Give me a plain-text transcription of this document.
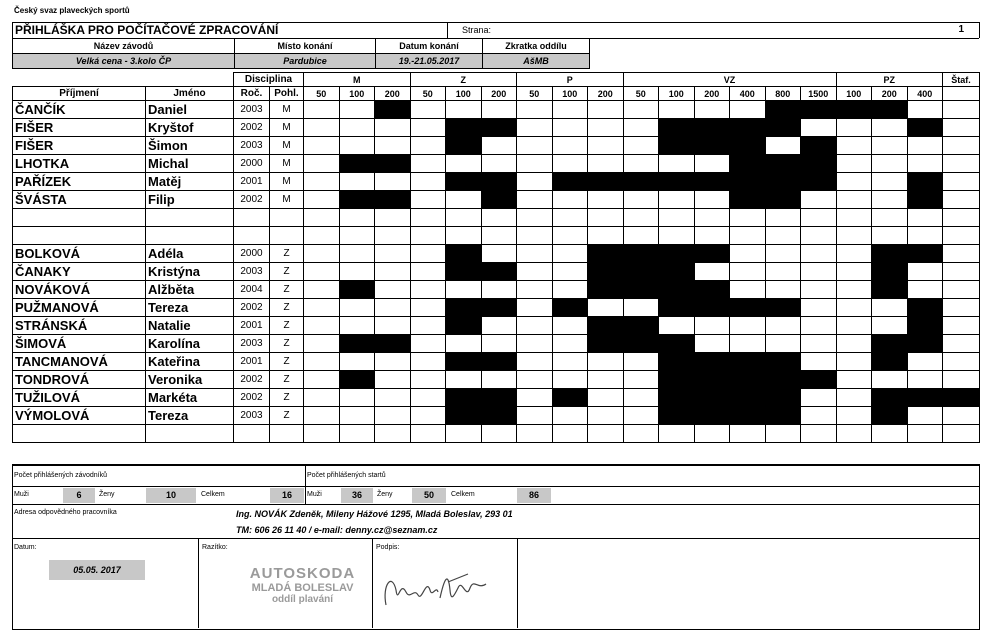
Český svaz plaveckých sportů
PŘIHLÁŠKA PRO POČÍTAČOVÉ ZPRACOVÁNÍ	Strana:	1
Název závodů	Místo konání	Datum konání	Zkratka oddílu	
Velká cena - 3.kolo ČP	Pardubice	19.-21.05.2017	AšMB	
		Disciplina		M			Z			P			VZ						PZ			Štaf.
Příjmení	Jméno	Roč.	Pohl.	50	100	200	50	100	200	50	100	200	50	100	200	400	800	1500	100	200	400	
ČANČÍK	Daniel	2003	M																			
FIŠER	Kryštof	2002	M																			
FIŠER	Šimon	2003	M																			
LHOTKA	Michal	2000	M																			
PAŘÍZEK	Matěj	2001	M																			
ŠVÁSTA	Filip	2002	M																			

BOLKOVÁ	Adéla	2000	Z																			
ČANAKY	Kristýna	2003	Z																			
NOVÁKOVÁ	Alžběta	2004	Z																			
PUŽMANOVÁ	Tereza	2002	Z																			
STRÁNSKÁ	Natalie	2001	Z																			
ŠIMOVÁ	Karolína	2003	Z																			
TANCMANOVÁ	Kateřina	2001	Z																			
TONDROVÁ	Veronika	2002	Z																			
TUŽILOVÁ	Markéta	2002	Z																			
VÝMOLOVÁ	Tereza	2003	Z																			

Počet přihlášených závodníků	Počet přihlášených startů
Muži	6	Ženy	10	Celkem	16	Muži	36	Ženy	50	Celkem	86
Adresa odpovědného pracovníka	Ing. NOVÁK Zdeněk, Mileny Hážové 1295, Mladá Boleslav, 293 01
TM: 606 26 11 40 / e-mail: denny.cz@seznam.cz
Datum:
05.05. 2017
Razítko:	Podpis:
AUTOSKODA
MLADÁ BOLESLAV
oddíl plavání
